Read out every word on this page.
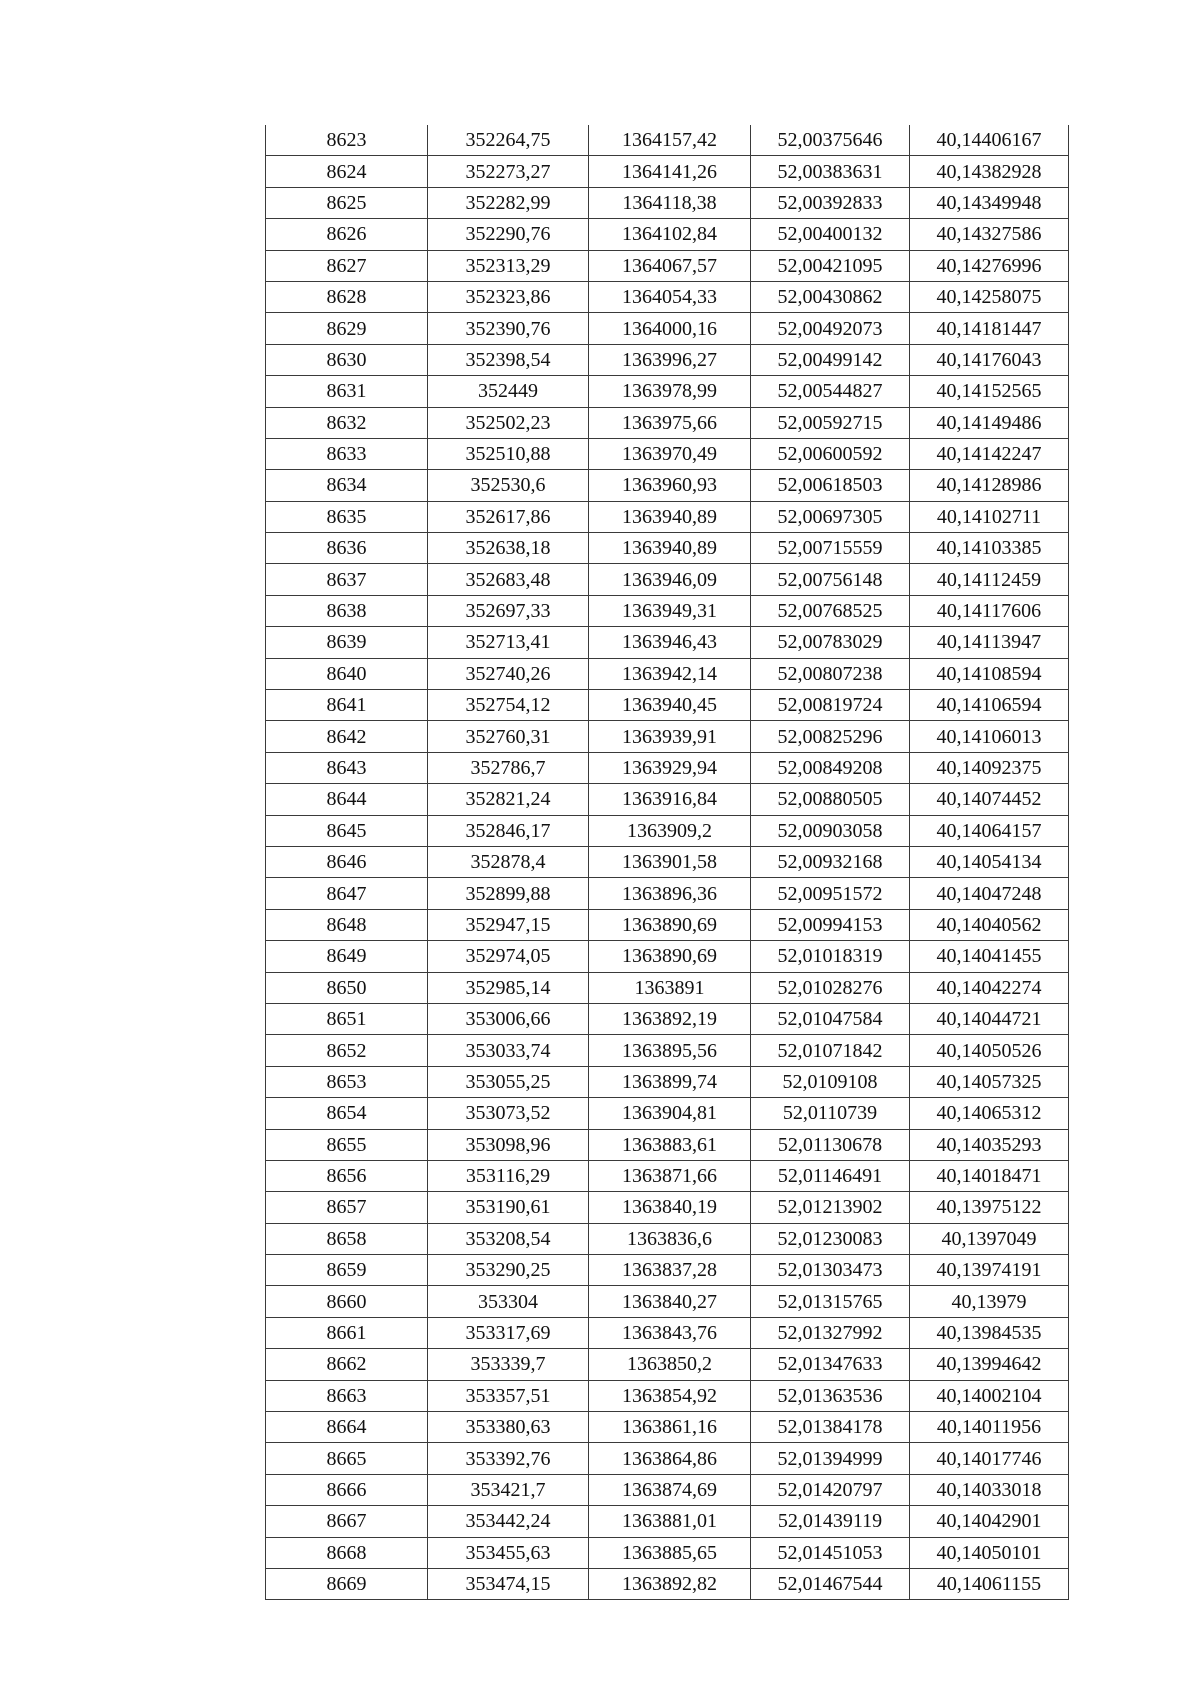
8623	352264,75	1364157,42	52,00375646	40,14406167
8624	352273,27	1364141,26	52,00383631	40,14382928
8625	352282,99	1364118,38	52,00392833	40,14349948
8626	352290,76	1364102,84	52,00400132	40,14327586
8627	352313,29	1364067,57	52,00421095	40,14276996
8628	352323,86	1364054,33	52,00430862	40,14258075
8629	352390,76	1364000,16	52,00492073	40,14181447
8630	352398,54	1363996,27	52,00499142	40,14176043
8631	352449	1363978,99	52,00544827	40,14152565
8632	352502,23	1363975,66	52,00592715	40,14149486
8633	352510,88	1363970,49	52,00600592	40,14142247
8634	352530,6	1363960,93	52,00618503	40,14128986
8635	352617,86	1363940,89	52,00697305	40,14102711
8636	352638,18	1363940,89	52,00715559	40,14103385
8637	352683,48	1363946,09	52,00756148	40,14112459
8638	352697,33	1363949,31	52,00768525	40,14117606
8639	352713,41	1363946,43	52,00783029	40,14113947
8640	352740,26	1363942,14	52,00807238	40,14108594
8641	352754,12	1363940,45	52,00819724	40,14106594
8642	352760,31	1363939,91	52,00825296	40,14106013
8643	352786,7	1363929,94	52,00849208	40,14092375
8644	352821,24	1363916,84	52,00880505	40,14074452
8645	352846,17	1363909,2	52,00903058	40,14064157
8646	352878,4	1363901,58	52,00932168	40,14054134
8647	352899,88	1363896,36	52,00951572	40,14047248
8648	352947,15	1363890,69	52,00994153	40,14040562
8649	352974,05	1363890,69	52,01018319	40,14041455
8650	352985,14	1363891	52,01028276	40,14042274
8651	353006,66	1363892,19	52,01047584	40,14044721
8652	353033,74	1363895,56	52,01071842	40,14050526
8653	353055,25	1363899,74	52,0109108	40,14057325
8654	353073,52	1363904,81	52,0110739	40,14065312
8655	353098,96	1363883,61	52,01130678	40,14035293
8656	353116,29	1363871,66	52,01146491	40,14018471
8657	353190,61	1363840,19	52,01213902	40,13975122
8658	353208,54	1363836,6	52,01230083	40,1397049
8659	353290,25	1363837,28	52,01303473	40,13974191
8660	353304	1363840,27	52,01315765	40,13979
8661	353317,69	1363843,76	52,01327992	40,13984535
8662	353339,7	1363850,2	52,01347633	40,13994642
8663	353357,51	1363854,92	52,01363536	40,14002104
8664	353380,63	1363861,16	52,01384178	40,14011956
8665	353392,76	1363864,86	52,01394999	40,14017746
8666	353421,7	1363874,69	52,01420797	40,14033018
8667	353442,24	1363881,01	52,01439119	40,14042901
8668	353455,63	1363885,65	52,01451053	40,14050101
8669	353474,15	1363892,82	52,01467544	40,14061155
